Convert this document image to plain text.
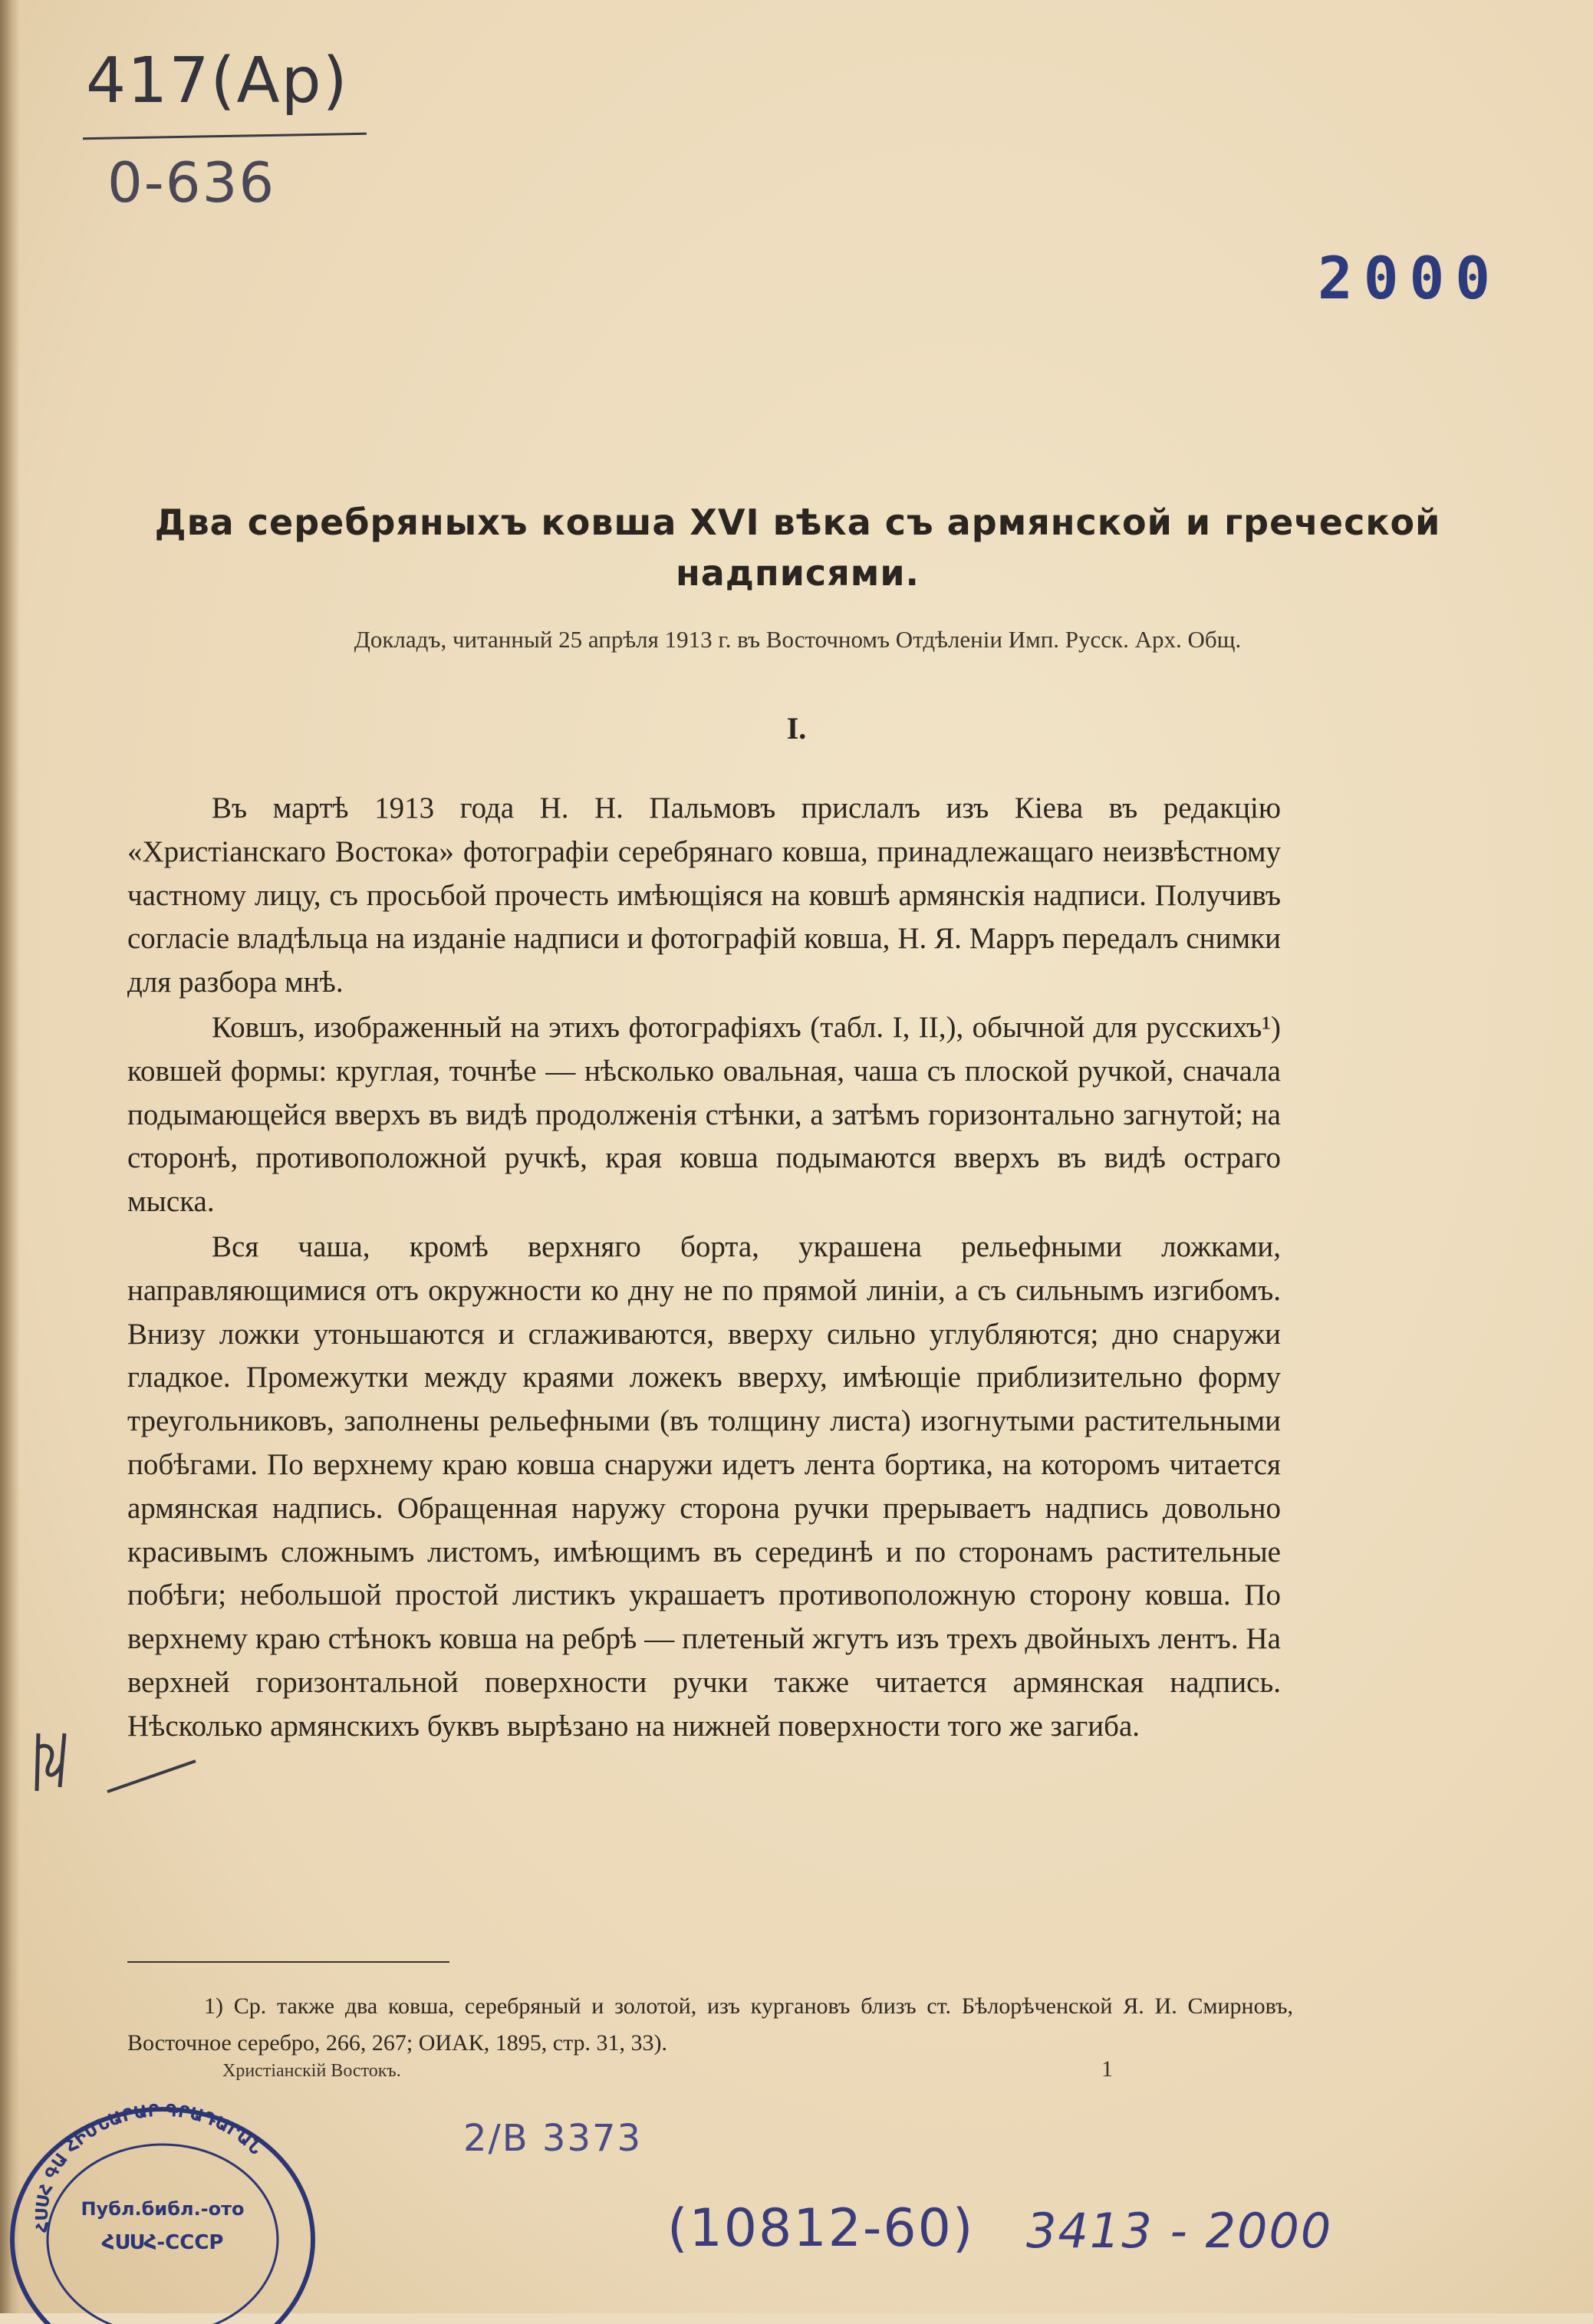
417(Ар)
0-636
2000
Два серебряныхъ ковша XVI вѣка съ армянской и греческой надписями.
Докладъ, читанный 25 апрѣля 1913 г. въ Восточномъ Отдѣленіи Имп. Русск. Арх. Общ.
I.

Въ мартѣ 1913 года Н. Н. Пальмовъ прислалъ изъ Кіева въ редакцію «Христіанскаго Востока» фотографіи серебрянаго ковша, принадлежащаго неизвѣстному частному лицу, съ просьбой прочесть имѣющіяся на ковшѣ армянскія надписи. Получивъ согласіе владѣльца на изданіе надписи и фотографій ковша, Н. Я. Марръ передалъ снимки для разбора мнѣ.

Ковшъ, изображенный на этихъ фотографіяхъ (табл. I, II,), обычной для русскихъ¹) ковшей формы: круглая, точнѣе — нѣсколько овальная, чаша съ плоской ручкой, сначала подымающейся вверхъ въ видѣ продолженія стѣнки, а затѣмъ горизонтально загнутой; на сторонѣ, противоположной ручкѣ, края ковша подымаются вверхъ въ видѣ остраго мыска.

Вся чаша, кромѣ верхняго борта, украшена рельефными ложками, направляющимися отъ окружности ко дну не по прямой линіи, а съ сильнымъ изгибомъ. Внизу ложки утоньшаются и сглаживаются, вверху сильно углубляются; дно снаружи гладкое. Промежутки между краями ложекъ вверху, имѣющіе приблизительно форму треугольниковъ, заполнены рельефными (въ толщину листа) изогнутыми растительными побѣгами. По верхнему краю ковша снаружи идетъ лента бортика, на которомъ читается армянская надпись. Обращенная наружу сторона ручки прерываетъ надпись довольно красивымъ сложнымъ листомъ, имѣющимъ въ серединѣ и по сторонамъ растительные побѣги; небольшой простой листикъ украшаетъ противоположную сторону ковша. По верхнему краю стѣнокъ ковша на ребрѣ — плетеный жгутъ изъ трехъ двойныхъ лентъ. На верхней горизонтальной поверхности ручки также читается армянская надпись. Нѣсколько армянскихъ буквъ вырѣзано на нижней поверхности того же загиба.

1) Ср. также два ковша, серебряный и золотой, изъ кургановъ близъ ст. Бѣлорѣченской Я. И. Смирновъ, Восточное серебро, 266, 267; ОИАК, 1895, стр. 31, 33).

Христіанскій Востокъ.	1
ՀՍՍՀ ԳԱ ՀԻՄՆԱՐԱՐ ԳՐԱԴԱՐԱՆ
Публ.библ.-ото
ՀՍՍՀ-СССР
2/В 3373
(10812-60) 3413 - 2000
